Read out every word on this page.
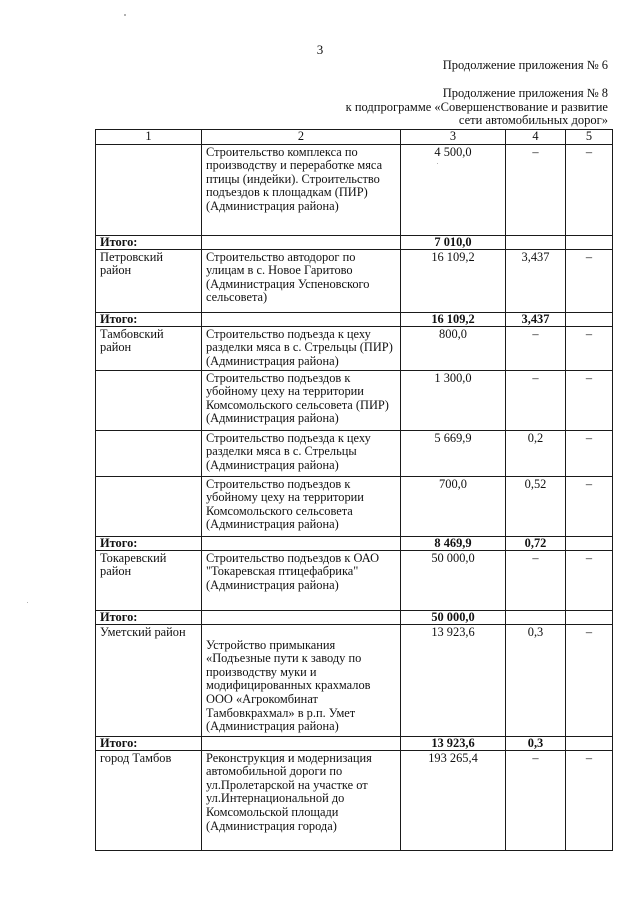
3
Продолжение приложения № 6
Продолжение приложения № 8
к подпрограмме «Совершенствование и развитие
сети автомобильных дорог»
1	2	3	4	5
	Строительство комплекса по производству и переработке мяса птицы (индейки). Строительство подъездов к площадкам (ПИР) (Администрация района)	4 500,0	–	–
Итого:		7 010,0		
Петровский район	Строительство автодорог по улицам в с. Новое Гаритово (Администрация Успеновского сельсовета)	16 109,2	3,437	–
Итого:		16 109,2	3,437	
Тамбовский район	Строительство подъезда к цеху разделки мяса в с. Стрельцы (ПИР) (Администрация района)	800,0	–	–
	Строительство подъездов к убойному цеху на территории Комсомольского сельсовета (ПИР) (Администрация района)	1 300,0	–	–
	Строительство подъезда к цеху разделки мяса в с. Стрельцы (Администрация района)	5 669,9	0,2	–
	Строительство подъездов к убойному цеху на территории Комсомольского сельсовета (Администрация района)	700,0	0,52	–
Итого:		8 469,9	0,72	
Токаревский район	Строительство подъездов к ОАО "Токаревская птицефабрика" (Администрация района)	50 000,0	–	–
Итого:		50 000,0		
Уметский район	Устройство примыкания «Подъезные пути к заводу по производству муки и модифицированных крахмалов ООО «Агрокомбинат Тамбовкрахмал» в р.п. Умет (Администрация района)	13 923,6	0,3	–
Итого:		13 923,6	0,3	
город Тамбов	Реконструкция и модернизация автомобильной дороги по ул.Пролетарской на участке от ул.Интернациональной до Комсомольской площади (Администрация города)	193 265,4	–	–
